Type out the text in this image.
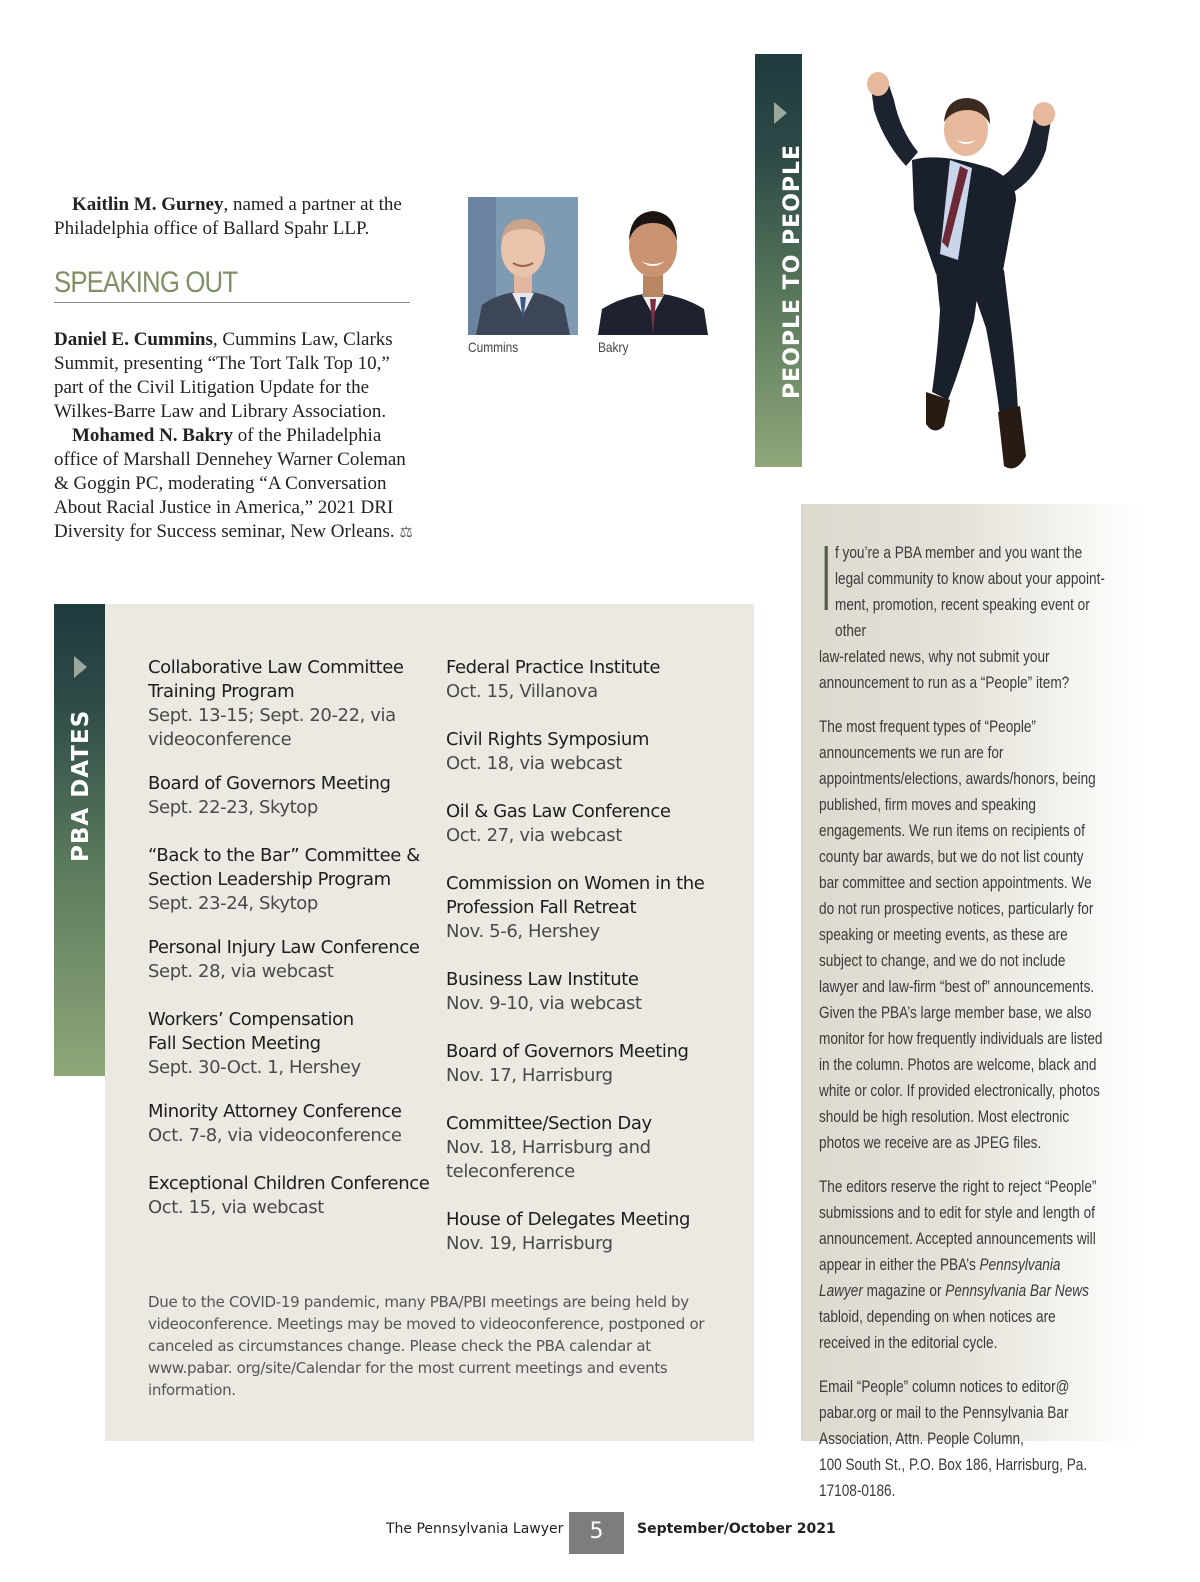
Kaitlin M. Gurney, named a partner at the Philadelphia office of Ballard Spahr LLP.
SPEAKING OUT

Daniel E. Cummins, Cummins Law, Clarks Summit, presenting “The Tort Talk Top 10,” part of the Civil Litigation Update for the Wilkes-Barre Law and Library Association.

Mohamed N. Bakry of the Philadelphia office of Marshall Dennehey Warner Coleman & Goggin PC, moderating “A Conversation About Racial Justice in America,” 2021 DRI Diversity for Success seminar, New Orleans. ⚖

Cummins	Bakry	PEOPLE TO PEOPLE
PBA DATES
Collaborative Law Committee Training Program
Sept. 13-15; Sept. 20-22, via videoconference
Board of Governors Meeting
Sept. 22-23, Skytop
“Back to the Bar” Committee & Section Leadership Program
Sept. 23-24, Skytop
Personal Injury Law Conference
Sept. 28, via webcast
Workers’ Compensation Fall Section Meeting
Sept. 30-Oct. 1, Hershey
Minority Attorney Conference
Oct. 7-8, via videoconference
Exceptional Children Conference
Oct. 15, via webcast
Federal Practice Institute
Oct. 15, Villanova
Civil Rights Symposium
Oct. 18, via webcast
Oil & Gas Law Conference
Oct. 27, via webcast
Commission on Women in the Profession Fall Retreat
Nov. 5-6, Hershey
Business Law Institute
Nov. 9-10, via webcast
Board of Governors Meeting
Nov. 17, Harrisburg
Committee/Section Day
Nov. 18, Harrisburg and teleconference
House of Delegates Meeting
Nov. 19, Harrisburg
Due to the COVID-19 pandemic, many PBA/PBI meetings are being held by videoconference. Meetings may be moved to videoconference, postponed or canceled as circumstances change. Please check the PBA calendar at www.pabar. org/site/Calendar for the most current meetings and events information.

f you’re a PBA member and you want the
legal community to know about your appoint-
ment, promotion, recent speaking event or other
law-related news, why not submit your announcement to run as a “People” item?

The most frequent types of “People” announcements we run are for appointments/elections, awards/honors, being published, firm moves and speaking engagements. We run items on recipients of county bar awards, but we do not list county bar committee and section appointments. We do not run prospective notices, particularly for speaking or meeting events, as these are subject to change, and we do not include lawyer and law-firm “best of” announcements. Given the PBA’s large member base, we also monitor for how frequently individuals are listed in the column. Photos are welcome, black and white or color. If provided electronically, photos should be high resolution. Most electronic photos we receive are as JPEG files.

The editors reserve the right to reject “People” submissions and to edit for style and length of announcement. Accepted announcements will appear in either the PBA’s Pennsylvania Lawyer magazine or Pennsylvania Bar News tabloid, depending on when notices are received in the editorial cycle.

Email “People” column notices to editor@
pabar.org or mail to the Pennsylvania Bar
Association, Attn. People Column,
100 South St., P.O. Box 186, Harrisburg, Pa.
17108-0186.

The Pennsylvania Lawyer	5	September/October 2021
